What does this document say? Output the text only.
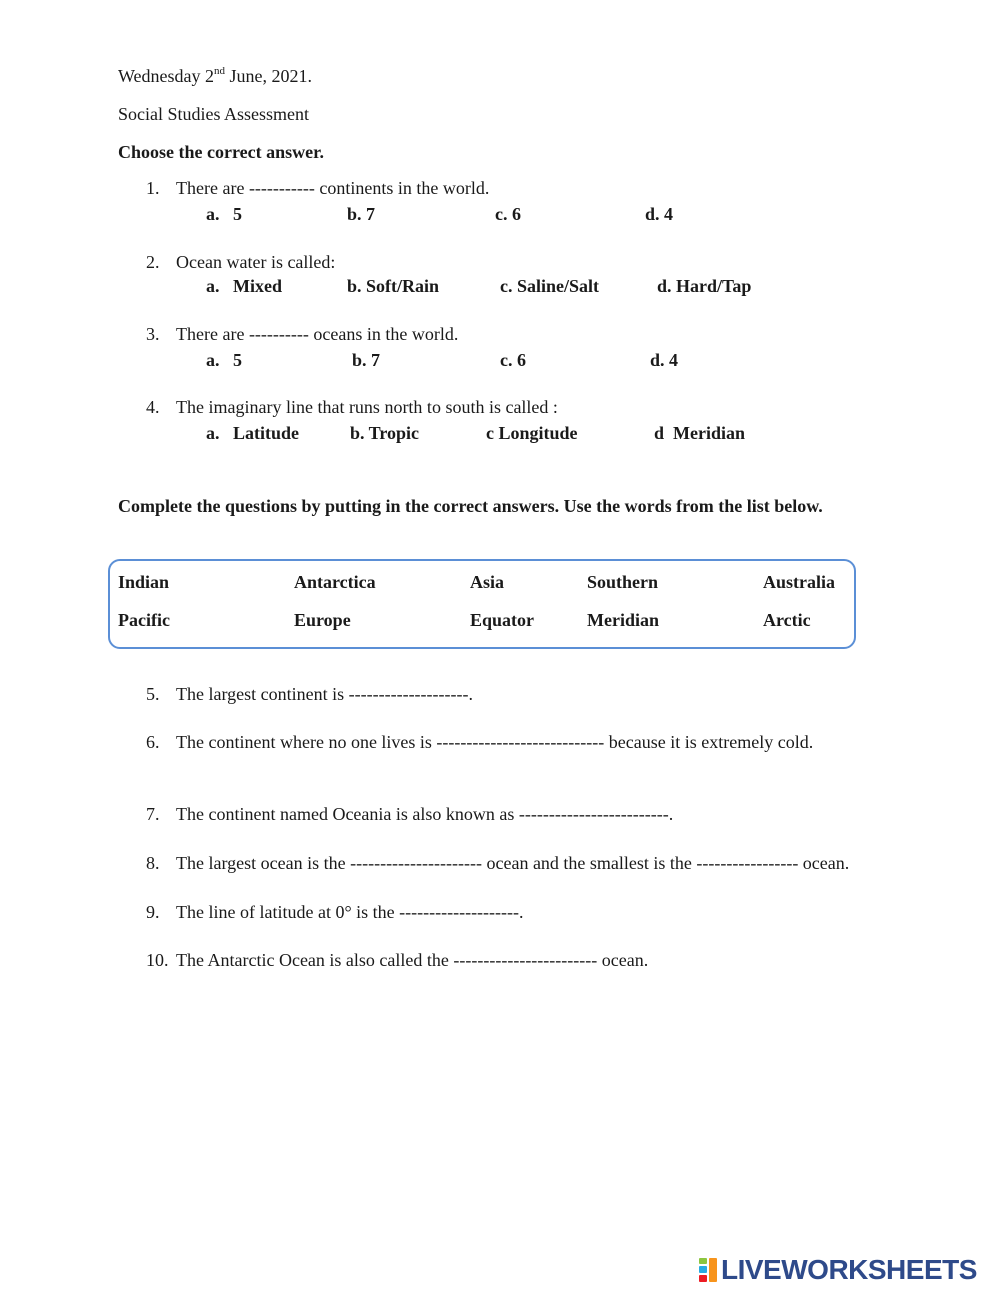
Wednesday 2nd June, 2021.
Social Studies Assessment
Choose the correct answer.
1. There are ----------- continents in the world.
a.   5	b. 7	c. 6	d. 4
2. Ocean water is called:
a.   Mixed	b. Soft/Rain	c. Saline/Salt	d. Hard/Tap
3. There are ---------- oceans in the world.
a.   5	b. 7	c. 6	d. 4
4. The imaginary line that runs north to south is called :
a.   Latitude	b. Tropic	c Longitude	d  Meridian
Complete the questions by putting in the correct answers. Use the words from the list below.
Indian	Antarctica	Asia	Southern	Australia
Pacific	Europe	Equator	Meridian	Arctic
5. The largest continent is --------------------.
6. The continent where no one lives is ---------------------------- because it is extremely cold.
7. The continent named Oceania is also known as -------------------------.
8. The largest ocean is the ---------------------- ocean and the smallest is the ----------------- ocean.
9. The line of latitude at 0° is the --------------------.
10. The Antarctic Ocean is also called the ------------------------ ocean.
LIVEWORKSHEETS
